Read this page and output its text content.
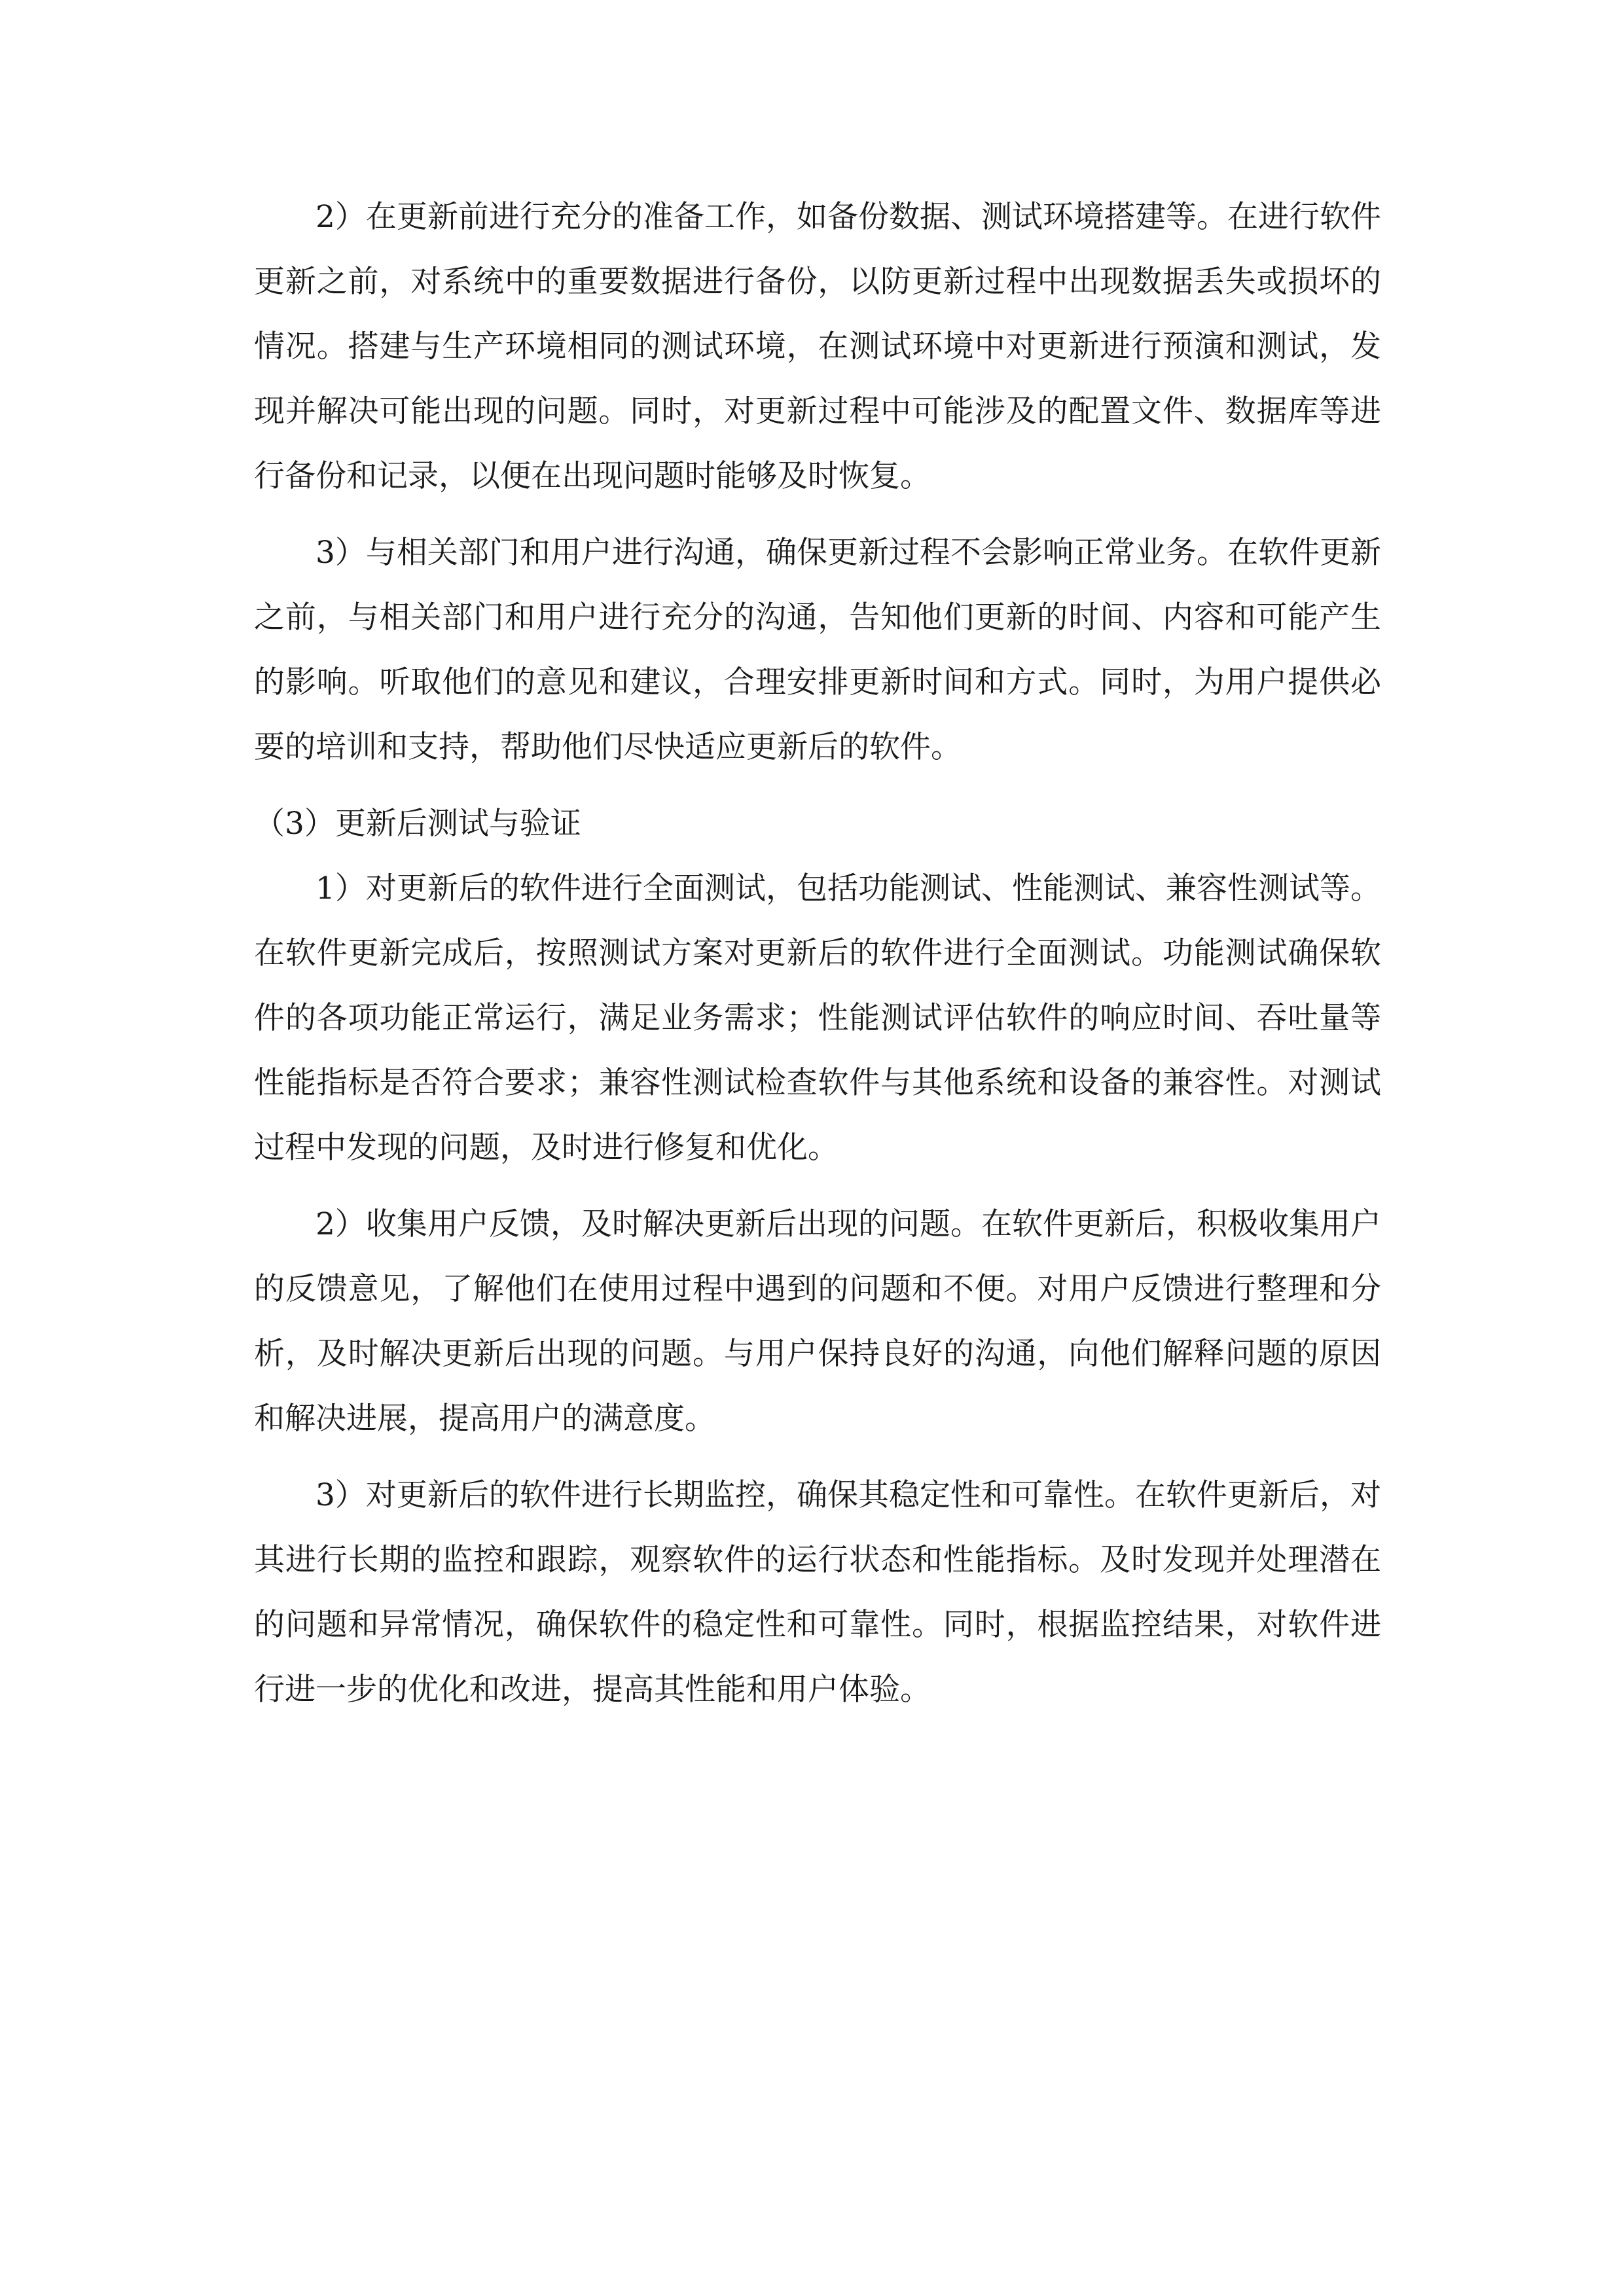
2）在更新前进行充分的准备工作，如备份数据、测试环境搭建等。在进行软件更新之前，对系统中的重要数据进行备份，以防更新过程中出现数据丢失或损坏的情况。搭建与生产环境相同的测试环境，在测试环境中对更新进行预演和测试，发现并解决可能出现的问题。同时，对更新过程中可能涉及的配置文件、数据库等进行备份和记录，以便在出现问题时能够及时恢复。

3）与相关部门和用户进行沟通，确保更新过程不会影响正常业务。在软件更新之前，与相关部门和用户进行充分的沟通，告知他们更新的时间、内容和可能产生的影响。听取他们的意见和建议，合理安排更新时间和方式。同时，为用户提供必要的培训和支持，帮助他们尽快适应更新后的软件。

（3）更新后测试与验证

1）对更新后的软件进行全面测试，包括功能测试、性能测试、兼容性测试等。在软件更新完成后，按照测试方案对更新后的软件进行全面测试。功能测试确保软件的各项功能正常运行，满足业务需求；性能测试评估软件的响应时间、吞吐量等性能指标是否符合要求；兼容性测试检查软件与其他系统和设备的兼容性。对测试过程中发现的问题，及时进行修复和优化。

2）收集用户反馈，及时解决更新后出现的问题。在软件更新后，积极收集用户的反馈意见，了解他们在使用过程中遇到的问题和不便。对用户反馈进行整理和分析，及时解决更新后出现的问题。与用户保持良好的沟通，向他们解释问题的原因和解决进展，提高用户的满意度。

3）对更新后的软件进行长期监控，确保其稳定性和可靠性。在软件更新后，对其进行长期的监控和跟踪，观察软件的运行状态和性能指标。及时发现并处理潜在的问题和异常情况，确保软件的稳定性和可靠性。同时，根据监控结果，对软件进行进一步的优化和改进，提高其性能和用户体验。
